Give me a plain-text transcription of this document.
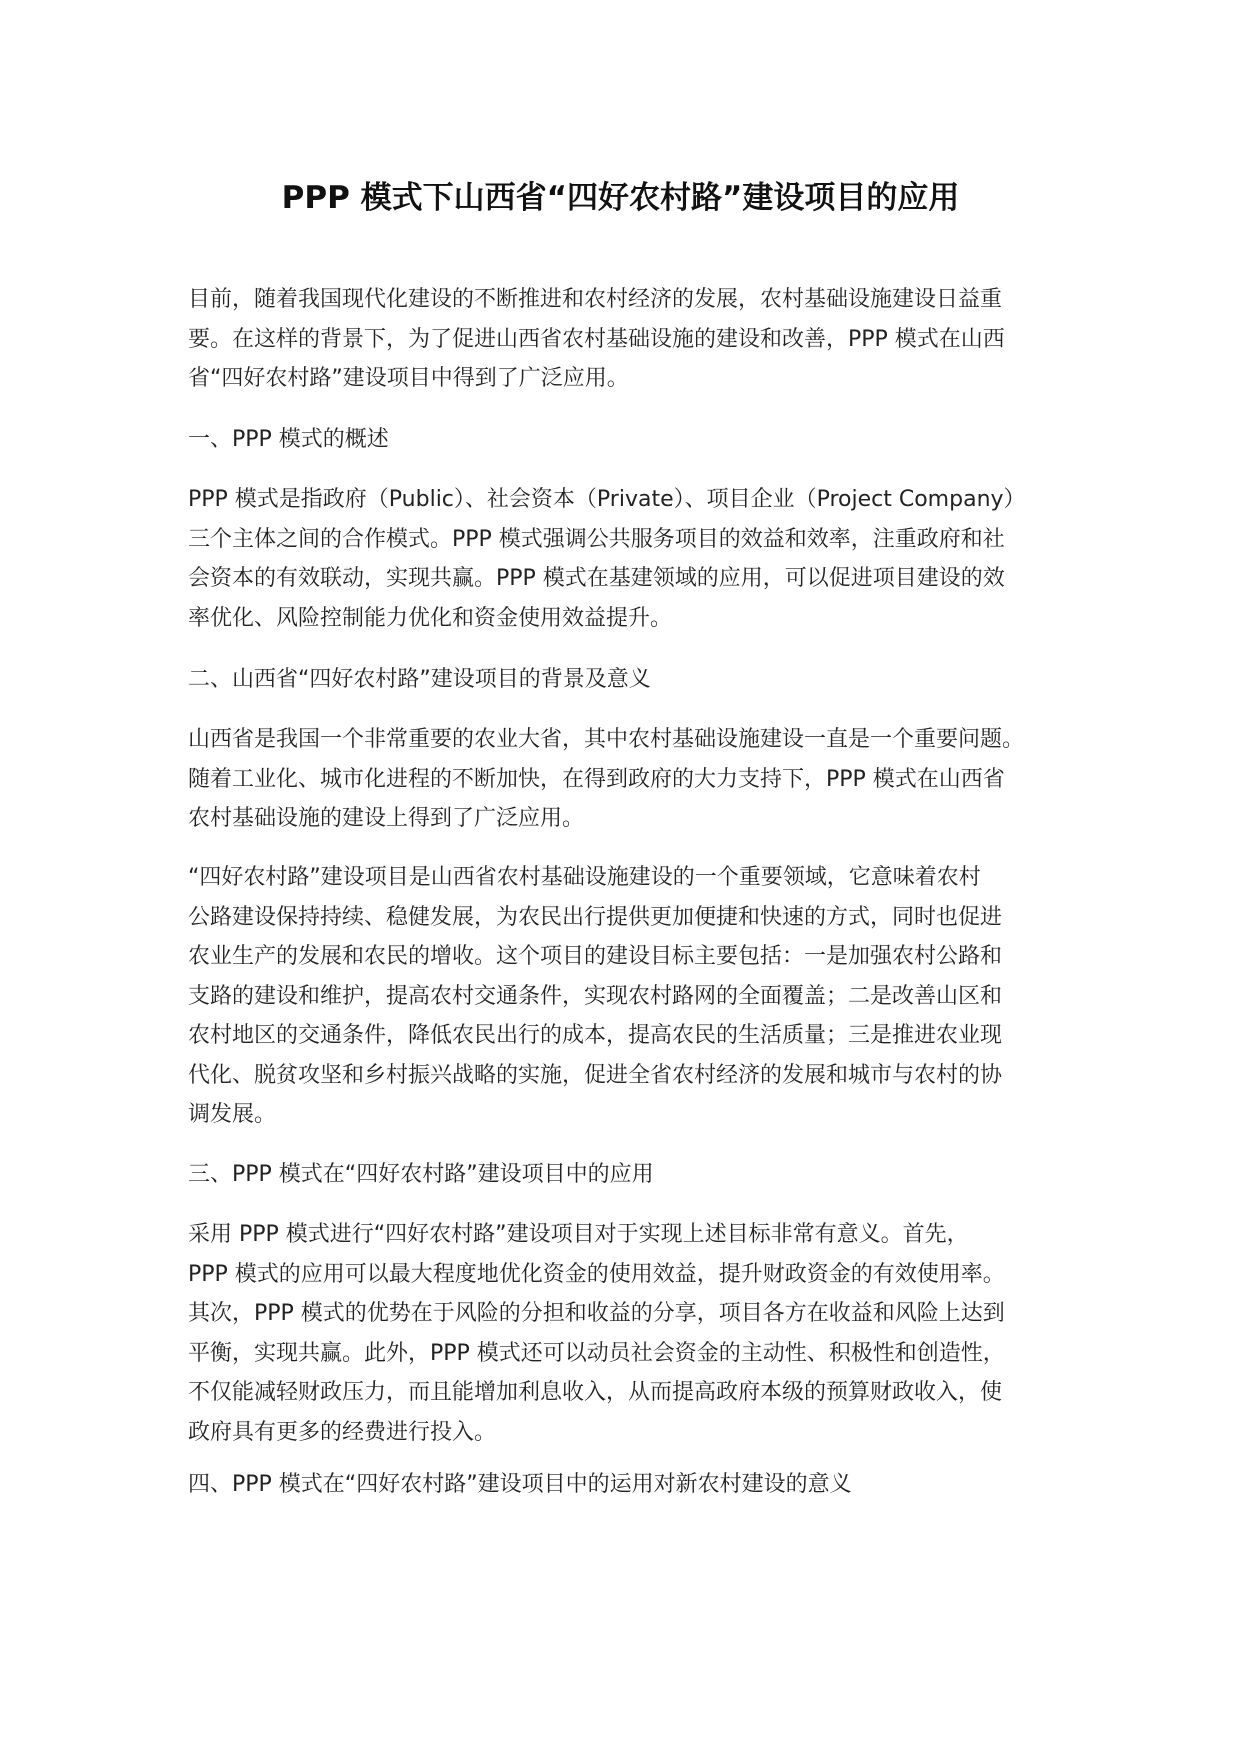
PPP 模式下山西省“四好农村路”建设项目的应用

目前，随着我国现代化建设的不断推进和农村经济的发展，农村基础设施建设日益重
要。在这样的背景下，为了促进山西省农村基础设施的建设和改善，PPP 模式在山西
省“四好农村路”建设项目中得到了广泛应用。

一、PPP 模式的概述

PPP 模式是指政府（Public）、社会资本（Private）、项目企业（Project Company）
三个主体之间的合作模式。PPP 模式强调公共服务项目的效益和效率，注重政府和社
会资本的有效联动，实现共赢。PPP 模式在基建领域的应用，可以促进项目建设的效
率优化、风险控制能力优化和资金使用效益提升。

二、山西省“四好农村路”建设项目的背景及意义

山西省是我国一个非常重要的农业大省，其中农村基础设施建设一直是一个重要问题。
随着工业化、城市化进程的不断加快，在得到政府的大力支持下，PPP 模式在山西省
农村基础设施的建设上得到了广泛应用。

“四好农村路”建设项目是山西省农村基础设施建设的一个重要领域，它意味着农村
公路建设保持持续、稳健发展，为农民出行提供更加便捷和快速的方式，同时也促进
农业生产的发展和农民的增收。这个项目的建设目标主要包括：一是加强农村公路和
支路的建设和维护，提高农村交通条件，实现农村路网的全面覆盖；二是改善山区和
农村地区的交通条件，降低农民出行的成本，提高农民的生活质量；三是推进农业现
代化、脱贫攻坚和乡村振兴战略的实施，促进全省农村经济的发展和城市与农村的协
调发展。

三、PPP 模式在“四好农村路”建设项目中的应用

采用 PPP 模式进行“四好农村路”建设项目对于实现上述目标非常有意义。首先，
PPP 模式的应用可以最大程度地优化资金的使用效益，提升财政资金的有效使用率。
其次，PPP 模式的优势在于风险的分担和收益的分享，项目各方在收益和风险上达到
平衡，实现共赢。此外，PPP 模式还可以动员社会资金的主动性、积极性和创造性，
不仅能减轻财政压力，而且能增加利息收入，从而提高政府本级的预算财政收入，使
政府具有更多的经费进行投入。

四、PPP 模式在“四好农村路”建设项目中的运用对新农村建设的意义
